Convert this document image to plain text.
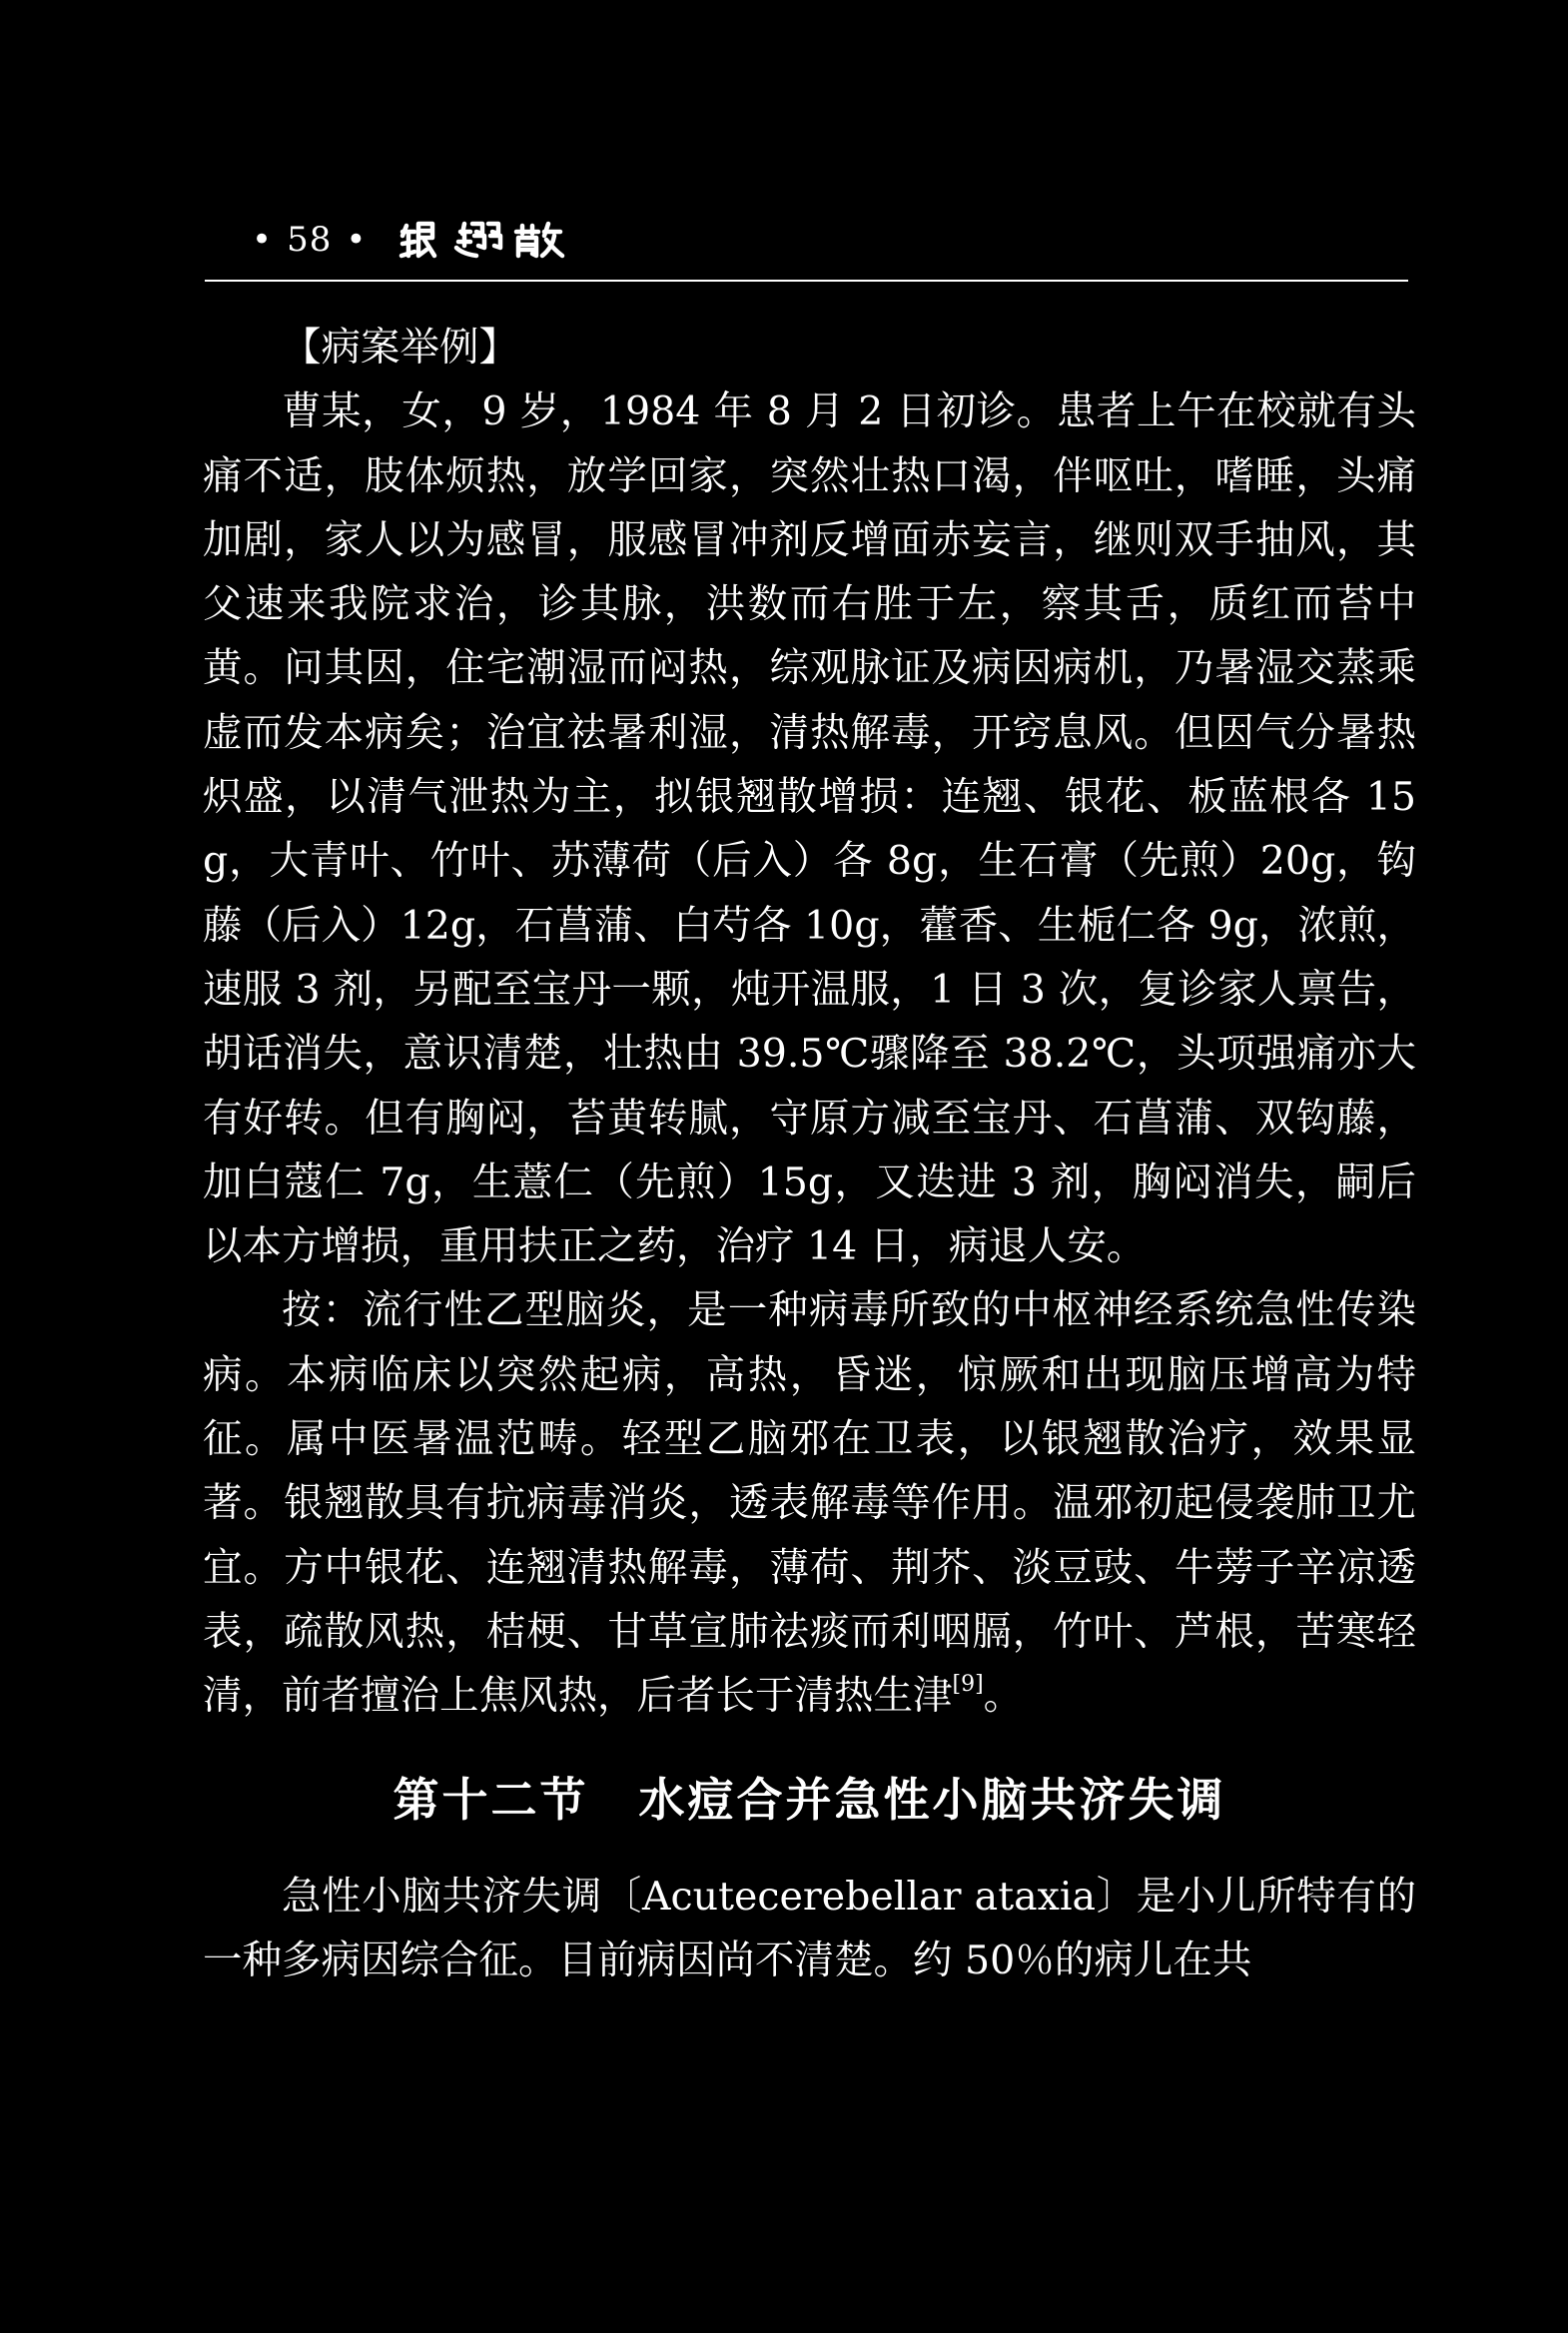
• 58 •

【病案举例】

曹某，女，9 岁，1984 年 8 月 2 日初诊。患者上午在校就有头痛不适，肢体烦热，放学回家，突然壮热口渴，伴呕吐，嗜睡，头痛加剧，家人以为感冒，服感冒冲剂反增面赤妄言，继则双手抽风，其父速来我院求治，诊其脉，洪数而右胜于左，察其舌，质红而苔中黄。问其因，住宅潮湿而闷热，综观脉证及病因病机，乃暑湿交蒸乘虚而发本病矣；治宜祛暑利湿，清热解毒，开窍息风。但因气分暑热炽盛，以清气泄热为主，拟银翘散增损：连翘、银花、板蓝根各 15g，大青叶、竹叶、苏薄荷（后入）各 8g，生石膏（先煎）20g，钩藤（后入）12g，石菖蒲、白芍各 10g，藿香、生栀仁各 9g，浓煎，速服 3 剂，另配至宝丹一颗，炖开温服，1 日 3 次，复诊家人禀告，胡话消失，意识清楚，壮热由 39.5℃骤降至 38.2℃，头项强痛亦大有好转。但有胸闷，苔黄转腻，守原方减至宝丹、石菖蒲、双钩藤，加白蔻仁 7g，生薏仁（先煎）15g，又迭进 3 剂，胸闷消失，嗣后以本方增损，重用扶正之药，治疗 14 日，病退人安。

按：流行性乙型脑炎，是一种病毒所致的中枢神经系统急性传染病。本病临床以突然起病，高热，昏迷，惊厥和出现脑压增高为特征。属中医暑温范畴。轻型乙脑邪在卫表，以银翘散治疗，效果显著。银翘散具有抗病毒消炎，透表解毒等作用。温邪初起侵袭肺卫尤宜。方中银花、连翘清热解毒，薄荷、荆芥、淡豆豉、牛蒡子辛凉透表，疏散风热，桔梗、甘草宣肺祛痰而利咽膈，竹叶、芦根，苦寒轻清，前者擅治上焦风热，后者长于清热生津[9]。

第十二节 水痘合并急性小脑共济失调

急性小脑共济失调〔Acutecerebellar ataxia〕是小儿所特有的一种多病因综合征。目前病因尚不清楚。约 50％的病儿在共
